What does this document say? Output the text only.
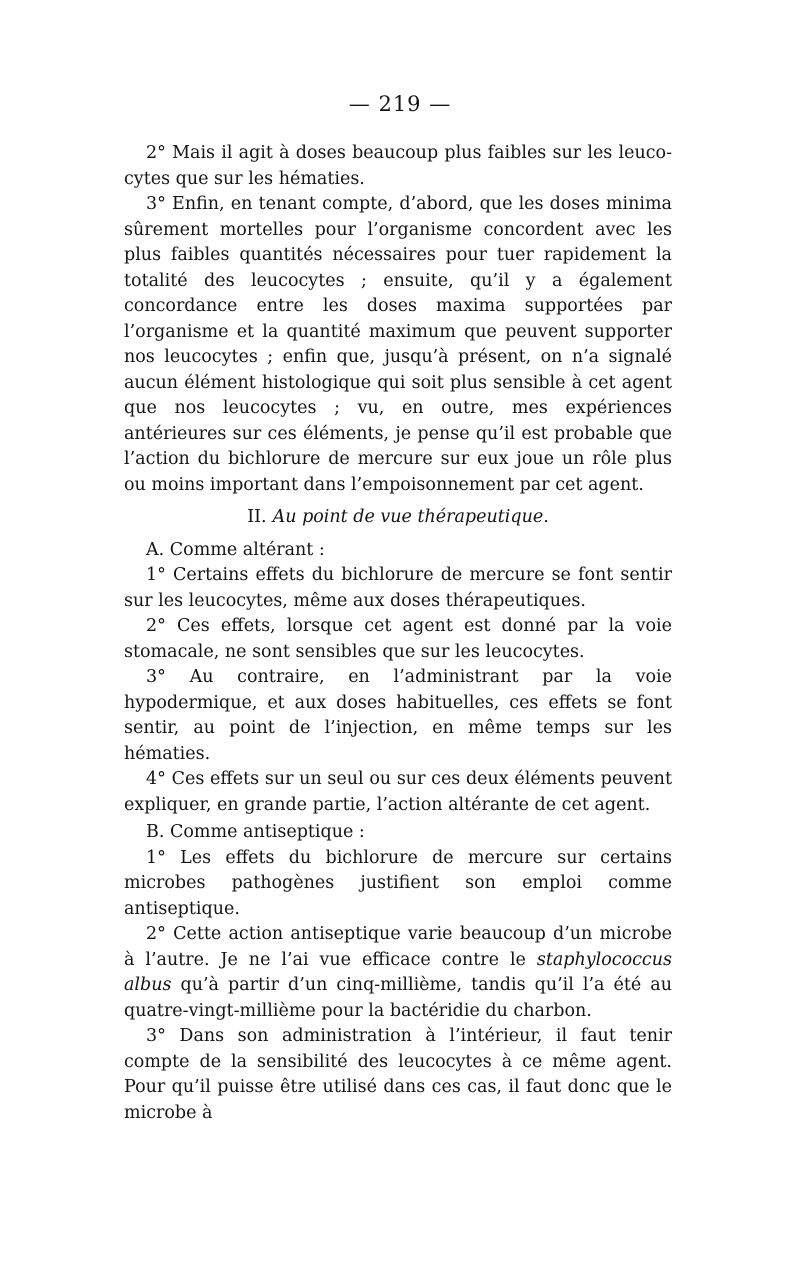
— 219 —

2° Mais il agit à doses beaucoup plus faibles sur les leucocytes que sur les hématies.

3° Enfin, en tenant compte, d’abord, que les doses minima sûrement mortelles pour l’organisme concordent avec les plus faibles quantités nécessaires pour tuer rapidement la totalité des leucocytes ; ensuite, qu’il y a également concordance entre les doses maxima supportées par l’organisme et la quantité maximum que peuvent supporter nos leucocytes ; enfin que, jusqu’à présent, on n’a signalé aucun élément histologique qui soit plus sensible à cet agent que nos leucocytes ; vu, en outre, mes expériences antérieures sur ces éléments, je pense qu’il est probable que l’action du bichlorure de mercure sur eux joue un rôle plus ou moins important dans l’empoisonnement par cet agent.

II. Au point de vue thérapeutique.

A. Comme altérant :

1° Certains effets du bichlorure de mercure se font sentir sur les leucocytes, même aux doses thérapeutiques.

2° Ces effets, lorsque cet agent est donné par la voie stomacale, ne sont sensibles que sur les leucocytes.

3° Au contraire, en l’administrant par la voie hypodermique, et aux doses habituelles, ces effets se font sentir, au point de l’injection, en même temps sur les hématies.

4° Ces effets sur un seul ou sur ces deux éléments peuvent expliquer, en grande partie, l’action altérante de cet agent.

B. Comme antiseptique :

1° Les effets du bichlorure de mercure sur certains microbes pathogènes justifient son emploi comme antiseptique.

2° Cette action antiseptique varie beaucoup d’un microbe à l’autre. Je ne l’ai vue efficace contre le staphylococcus albus qu’à partir d’un cinq-millième, tandis qu’il l’a été au quatre-vingt-millième pour la bactéridie du charbon.

3° Dans son administration à l’intérieur, il faut tenir compte de la sensibilité des leucocytes à ce même agent. Pour qu’il puisse être utilisé dans ces cas, il faut donc que le microbe à
